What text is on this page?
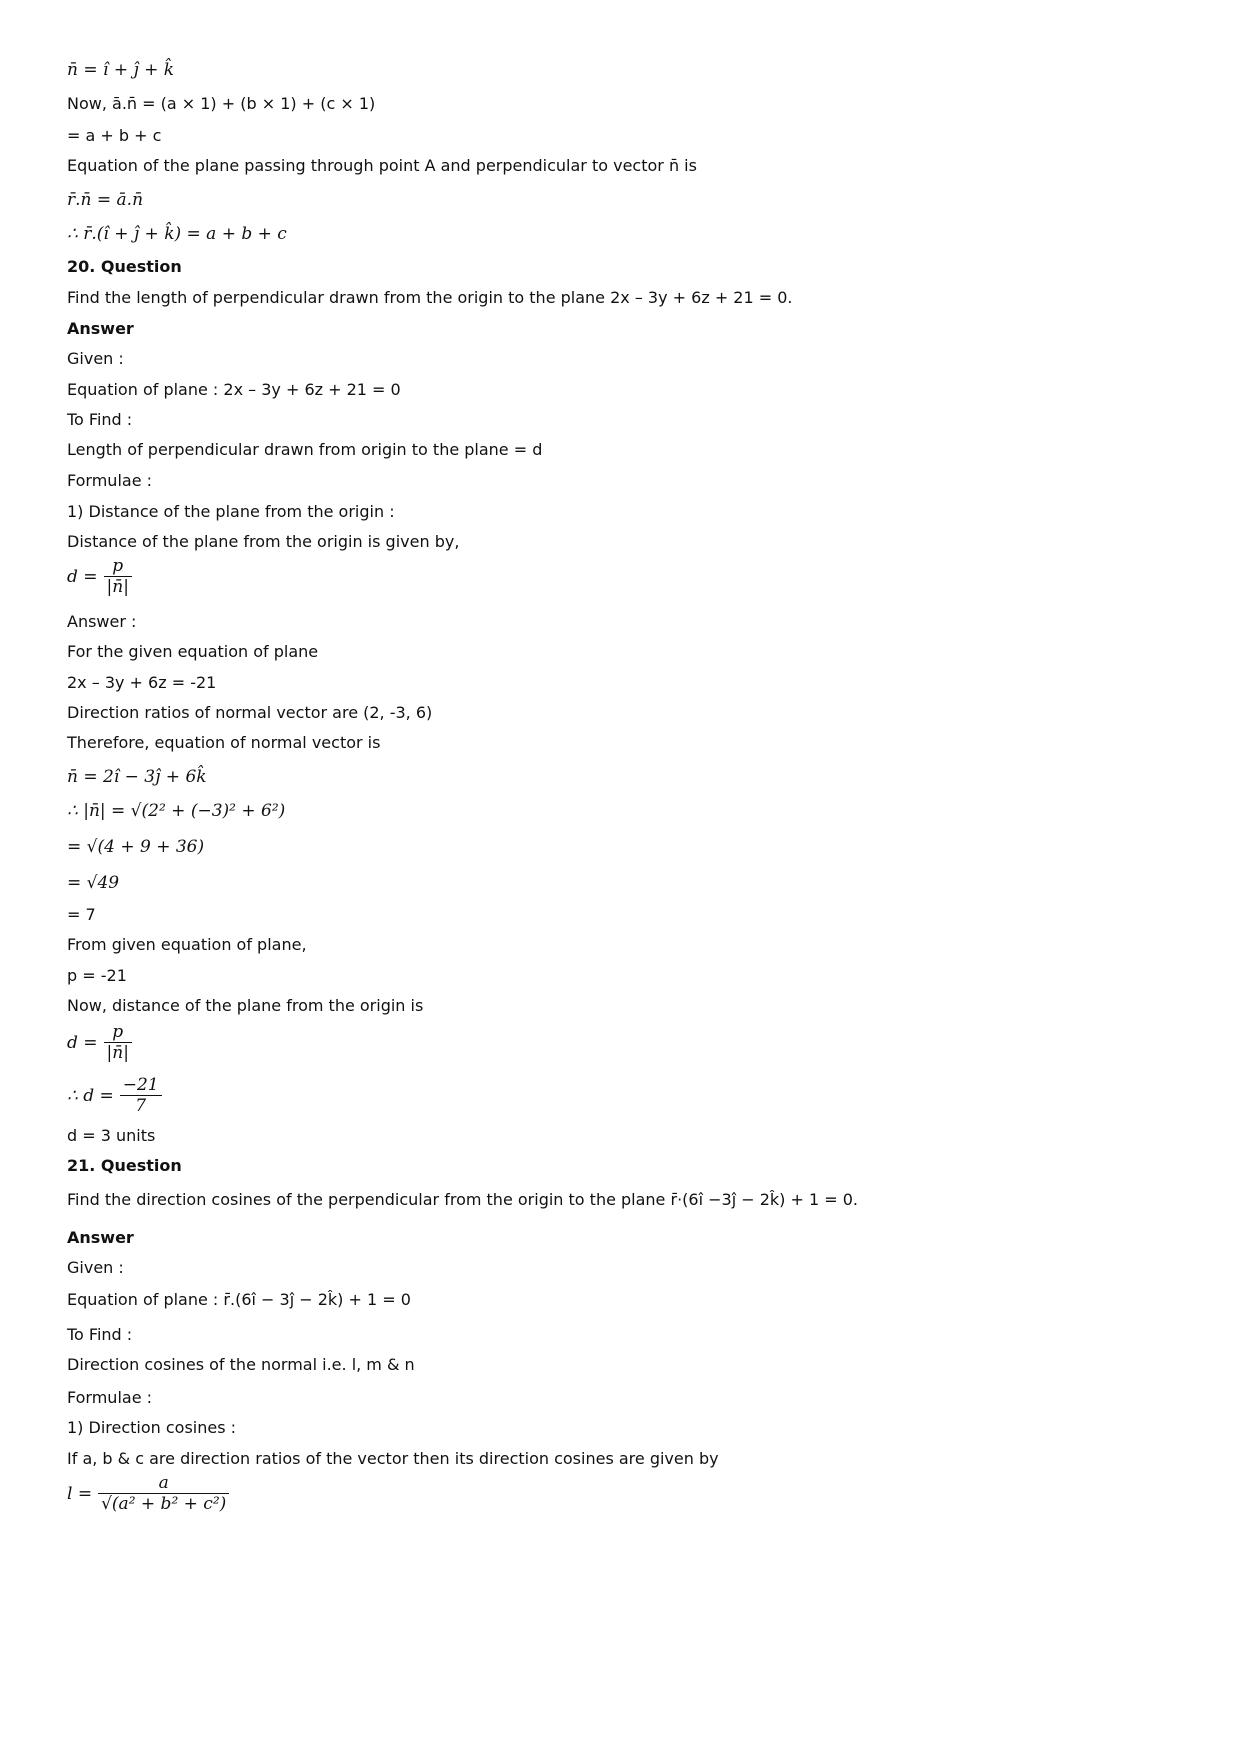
n̄ = î + ĵ + k̂
Now, ā.n̄ = (a × 1) + (b × 1) + (c × 1)
= a + b + c
Equation of the plane passing through point A and perpendicular to vector n̄ is
r̄.n̄ = ā.n̄
∴ r̄.(î + ĵ + k̂) = a + b + c
20. Question
Find the length of perpendicular drawn from the origin to the plane 2x – 3y + 6z + 21 = 0.
Answer
Given :
Equation of plane : 2x – 3y + 6z + 21 = 0
To Find :
Length of perpendicular drawn from origin to the plane = d
Formulae :
1) Distance of the plane from the origin :
Distance of the plane from the origin is given by,
Answer :
For the given equation of plane
2x – 3y + 6z = -21
Direction ratios of normal vector are (2, -3, 6)
Therefore, equation of normal vector is
n̄ = 2î − 3ĵ + 6k̂
∴ |n̄| = √(2² + (−3)² + 6²)
= √(4 + 9 + 36)
= √49
= 7
From given equation of plane,
p = -21
Now, distance of the plane from the origin is
d = 3 units
21. Question
Find the direction cosines of the perpendicular from the origin to the plane r̄·(6î −3ĵ − 2k̂) + 1 = 0.
Answer
Given :
Equation of plane : r̄.(6î − 3ĵ − 2k̂) + 1 = 0
To Find :
Direction cosines of the normal i.e. l, m & n
Formulae :
1) Direction cosines :
If a, b & c are direction ratios of the vector then its direction cosines are given by
$d = \frac{p}{|n̄|}$
$d = \frac{p}{|n̄|}$
∴ $d = \frac{-21}{7}$
$l = \frac{a}{\text{√(a² + b² + c²)}}$
